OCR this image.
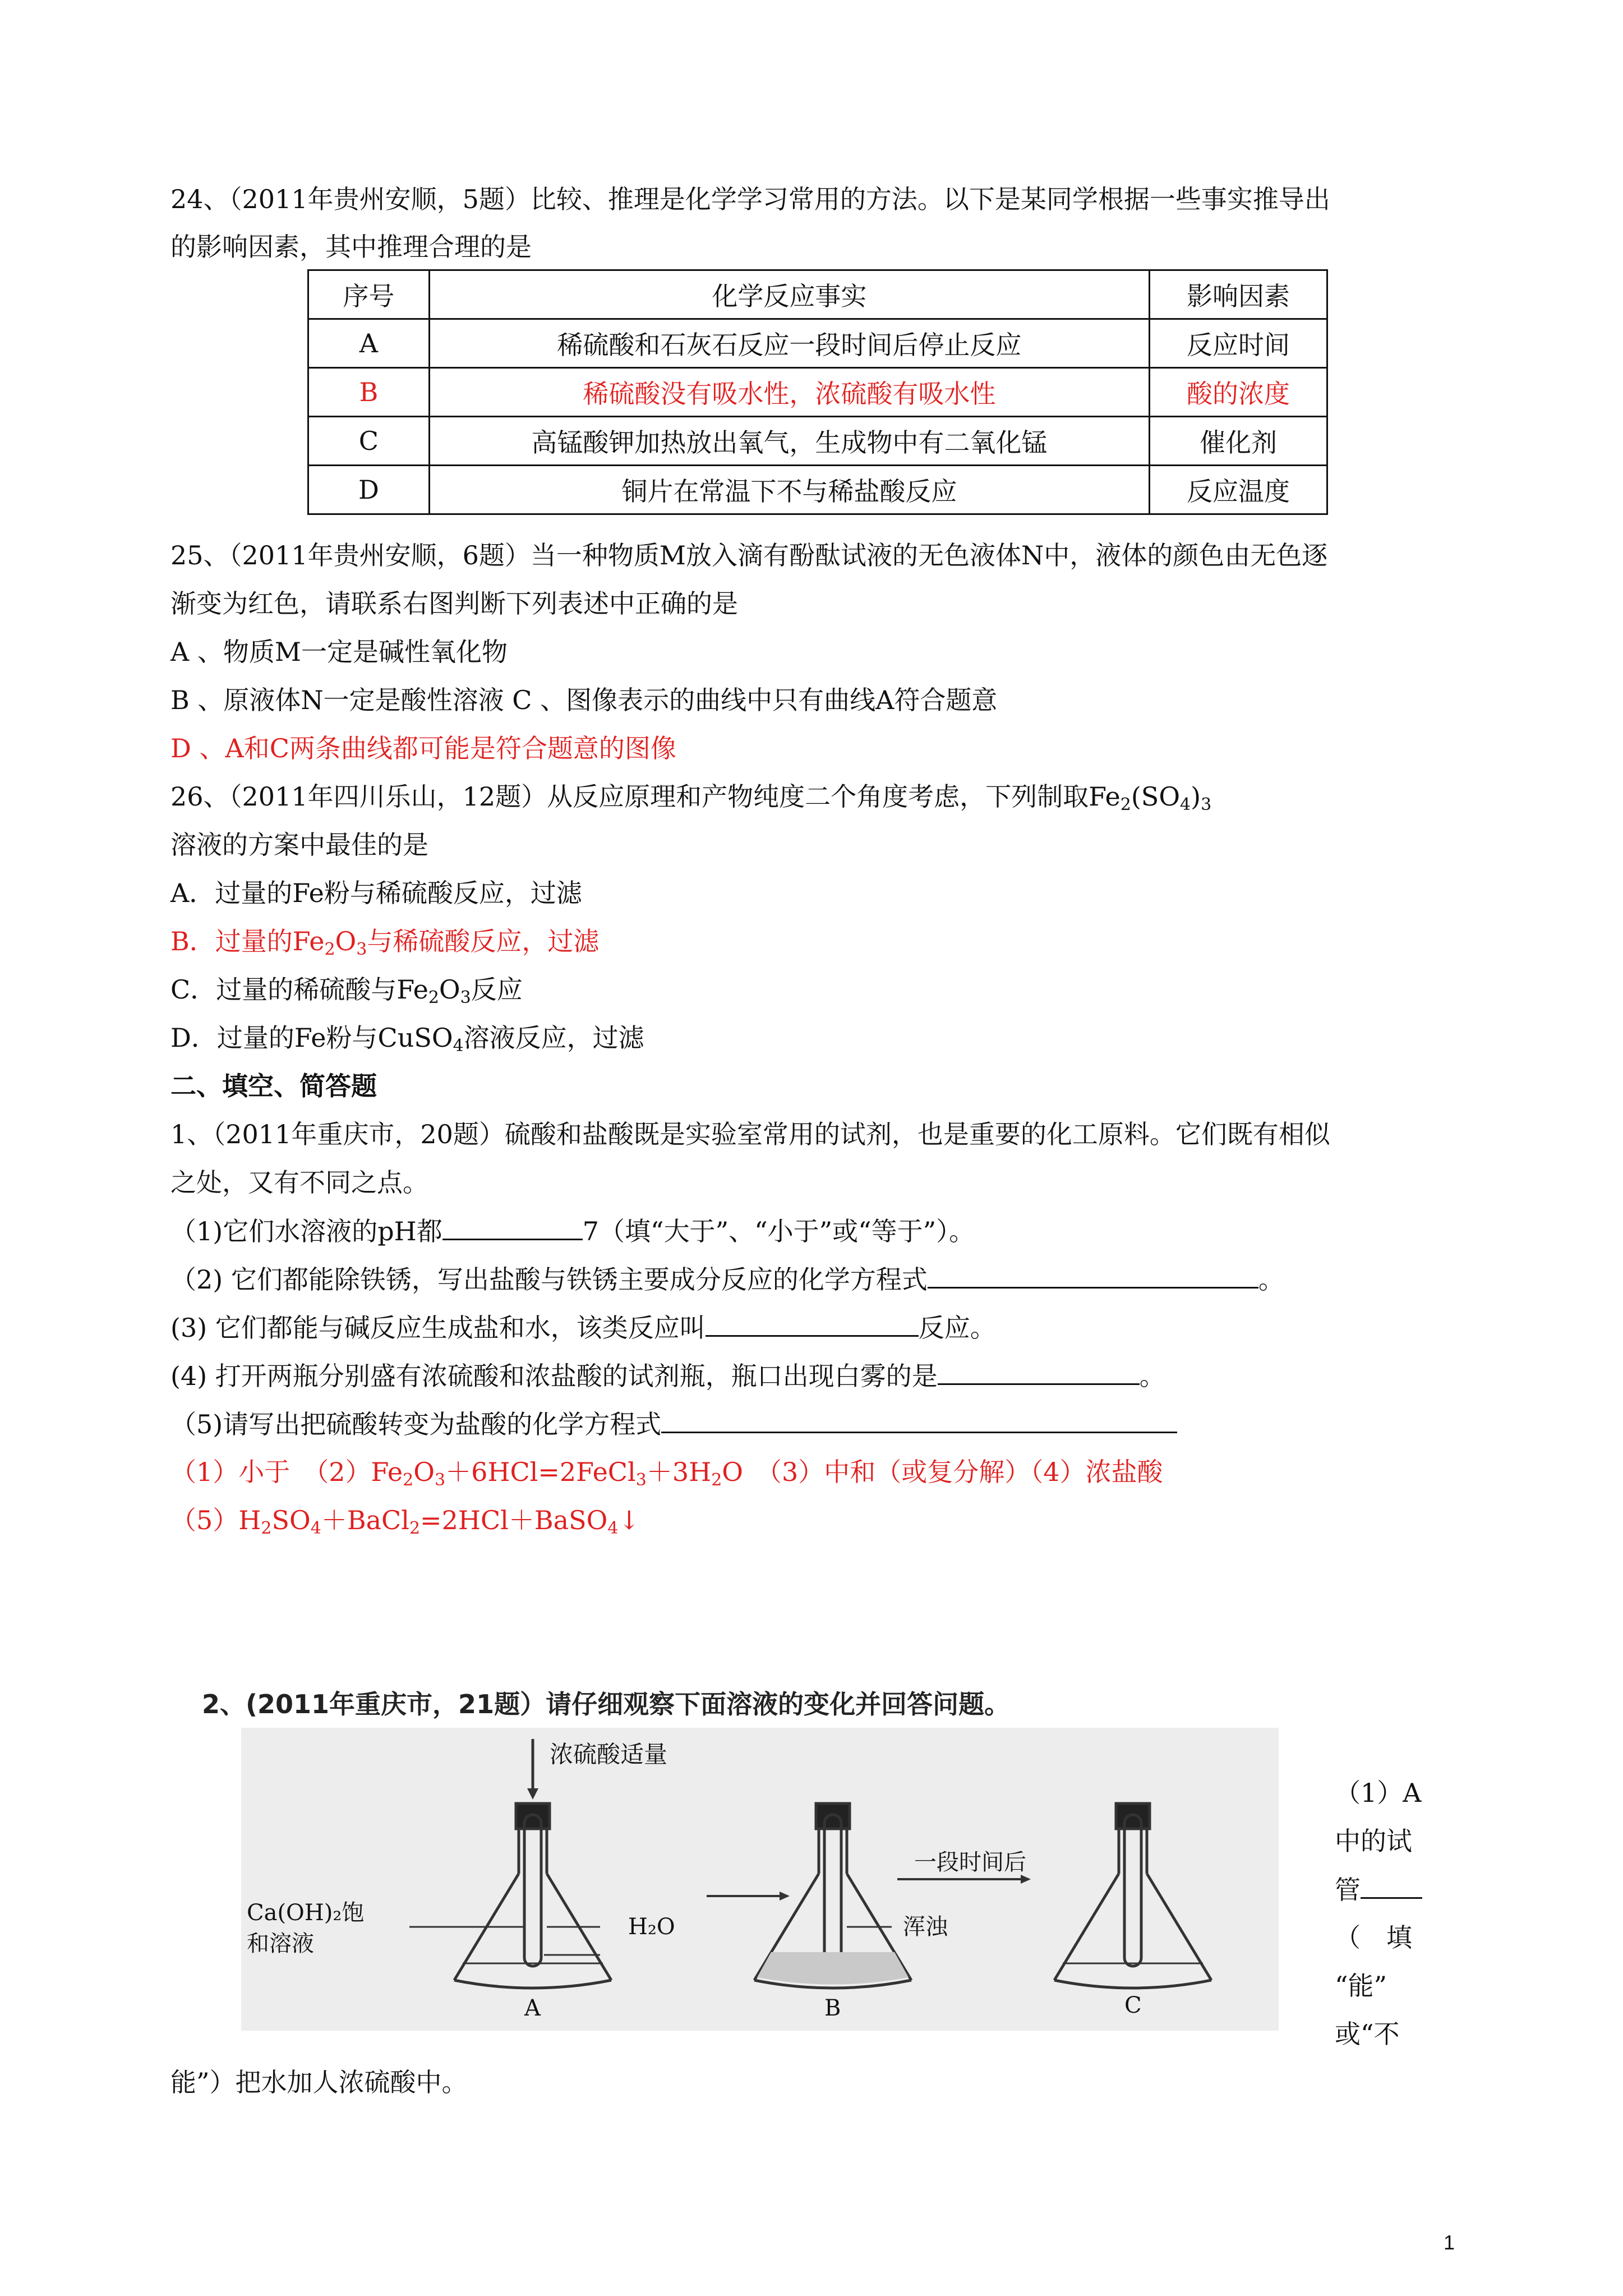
24、（2011年贵州安顺，5题）比较、推理是化学学习常用的方法。以下是某同学根据一些事实推导出
的影响因素，其中推理合理的是
序号	化学反应事实	影响因素
A	稀硫酸和石灰石反应一段时间后停止反应	反应时间
B	稀硫酸没有吸水性，浓硫酸有吸水性	酸的浓度
C	高锰酸钾加热放出氧气，生成物中有二氧化锰	催化剂
D	铜片在常温下不与稀盐酸反应	反应温度
25、（2011年贵州安顺，6题）当一种物质M放入滴有酚酞试液的无色液体N中，液体的颜色由无色逐
渐变为红色，请联系右图判断下列表述中正确的是
A 、物质M一定是碱性氧化物
B 、原液体N一定是酸性溶液 C 、图像表示的曲线中只有曲线A符合题意
D 、A和C两条曲线都可能是符合题意的图像
26、（2011年四川乐山，12题）从反应原理和产物纯度二个角度考虑，下列制取$Fe_2(SO_4)_3$
溶液的方案中最佳的是
A．过量的Fe粉与稀硫酸反应，过滤
B．过量的$Fe_2O_3$与稀硫酸反应，过滤
C．过量的稀硫酸与$Fe_2O_3$反应
D．过量的Fe粉与CuSO$_4$溶液反应，过滤
二、填空、简答题
1、（2011年重庆市，20题）硫酸和盐酸既是实验室常用的试剂，也是重要的化工原料。它们既有相似
之处，又有不同之点。
（1)它们水溶液的pH都	7（填“大于”、“小于”或“等于”）。
（2) 它们都能除铁锈，写出盐酸与铁锈主要成分反应的化学方程式	。
(3) 它们都能与碱反应生成盐和水，该类反应叫	反应。
(4) 打开两瓶分别盛有浓硫酸和浓盐酸的试剂瓶，瓶口出现白雾的是	。
（5)请写出把硫酸转变为盐酸的化学方程式
（1）小于　$(2)Fe_2O_3+6HCl=2FeCl_3+3H_2O$　（3）中和（或复分解）（4）浓盐酸
$(5)H_2SO_4+BaCl_2=2HCl+BaSO_4↓$
2、(2011年重庆市，21题）请仔细观察下面溶液的变化并回答问题。
浓硫酸适量
Ca(OH)₂饱
和溶液
H₂O
一段时间后
浑浊
A	B	C
（1）A
中的试
管
（　填
“能”
或“不
能”）把水加人浓硫酸中。
1
